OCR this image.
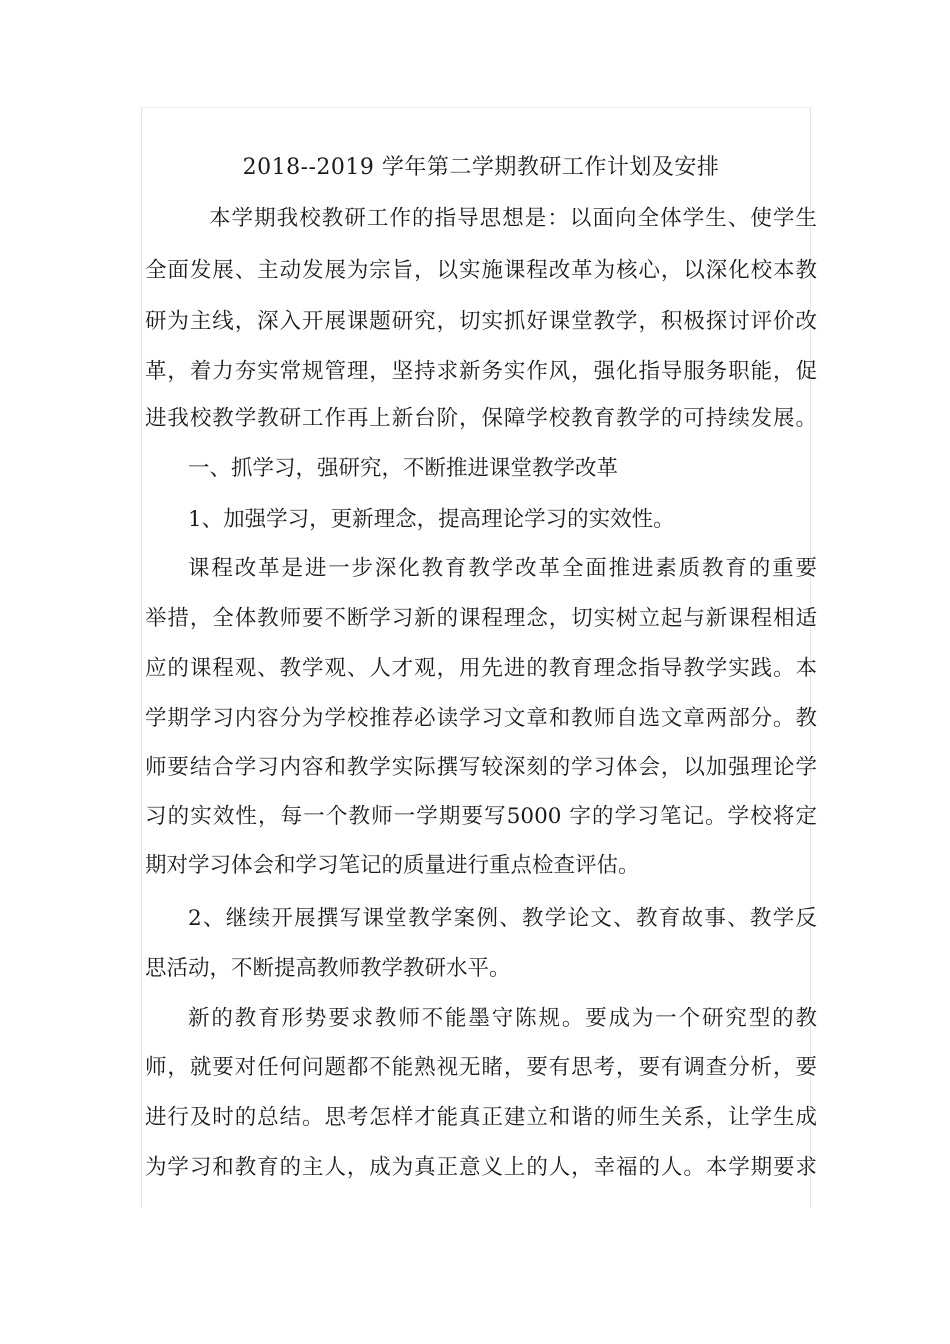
2018--2019 学年第二学期教研工作计划及安排

本学期我校教研工作的指导思想是：以面向全体学生、使学生

全面发展、主动发展为宗旨，以实施课程改革为核心，以深化校本教

研为主线，深入开展课题研究，切实抓好课堂教学，积极探讨评价改

革，着力夯实常规管理，坚持求新务实作风，强化指导服务职能，促

进我校教学教研工作再上新台阶，保障学校教育教学的可持续发展。

一、抓学习，强研究，不断推进课堂教学改革

1、加强学习，更新理念，提高理论学习的实效性。

课程改革是进一步深化教育教学改革全面推进素质教育的重要

举措，全体教师要不断学习新的课程理念，切实树立起与新课程相适

应的课程观、教学观、人才观，用先进的教育理念指导教学实践。本

学期学习内容分为学校推荐必读学习文章和教师自选文章两部分。教

师要结合学习内容和教学实际撰写较深刻的学习体会，以加强理论学

习的实效性，每一个教师一学期要写5000 字的学习笔记。学校将定

期对学习体会和学习笔记的质量进行重点检查评估。

2、继续开展撰写课堂教学案例、教学论文、教育故事、教学反

思活动，不断提高教师教学教研水平。

新的教育形势要求教师不能墨守陈规。要成为一个研究型的教

师，就要对任何问题都不能熟视无睹，要有思考，要有调查分析，要

进行及时的总结。思考怎样才能真正建立和谐的师生关系，让学生成

为学习和教育的主人，成为真正意义上的人，幸福的人。本学期要求
